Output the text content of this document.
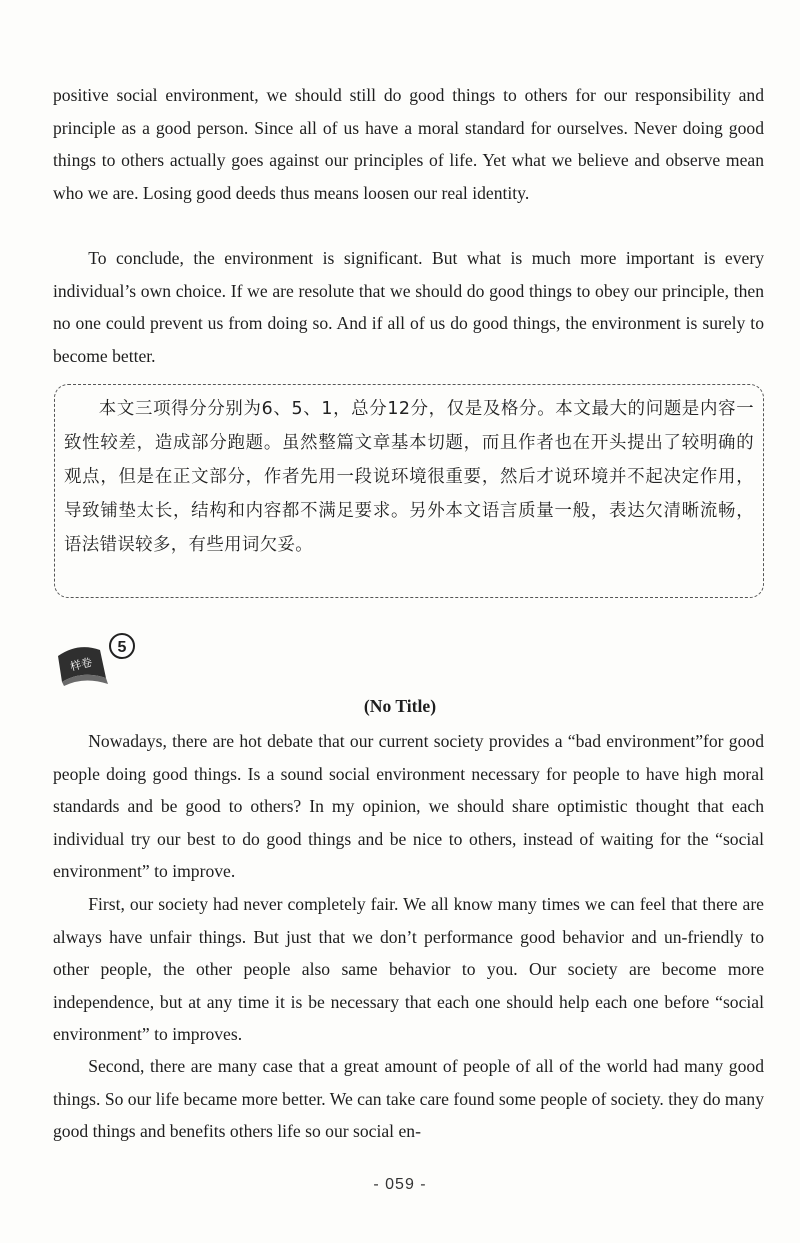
positive social environment, we should still do good things to others for our responsibility and principle as a good person. Since all of us have a moral standard for ourselves. Never doing good things to others actually goes against our principles of life. Yet what we believe and observe mean who we are. Losing good deeds thus means loosen our real identity.

To conclude, the environment is significant. But what is much more important is every individual’s own choice. If we are resolute that we should do good things to obey our principle, then no one could prevent us from doing so. And if all of us do good things, the environment is surely to become better.

本文三项得分分别为6、5、1，总分12分，仅是及格分。本文最大的问题是内容一致性较差，造成部分跑题。虽然整篇文章基本切题，而且作者也在开头提出了较明确的观点，但是在正文部分，作者先用一段说环境很重要，然后才说环境并不起决定作用，导致铺垫太长，结构和内容都不满足要求。另外本文语言质量一般，表达欠清晰流畅，语法错误较多，有些用词欠妥。

样卷
5

(No Title)

Nowadays, there are hot debate that our current society provides a “bad environment”for good people doing good things. Is a sound social environment necessary for people to have high moral standards and be good to others? In my opinion, we should share optimistic thought that each individual try our best to do good things and be nice to others, instead of waiting for the “social environment” to improve.

First, our society had never completely fair. We all know many times we can feel that there are always have unfair things. But just that we don’t performance good behavior and un-friendly to other people, the other people also same behavior to you. Our society are become more independence, but at any time it is be necessary that each one should help each one before “social environment” to improves.

Second, there are many case that a great amount of people of all of the world had many good things. So our life became more better. We can take care found some people of society. they do many good things and benefits others life so our social en-

- 059 -
